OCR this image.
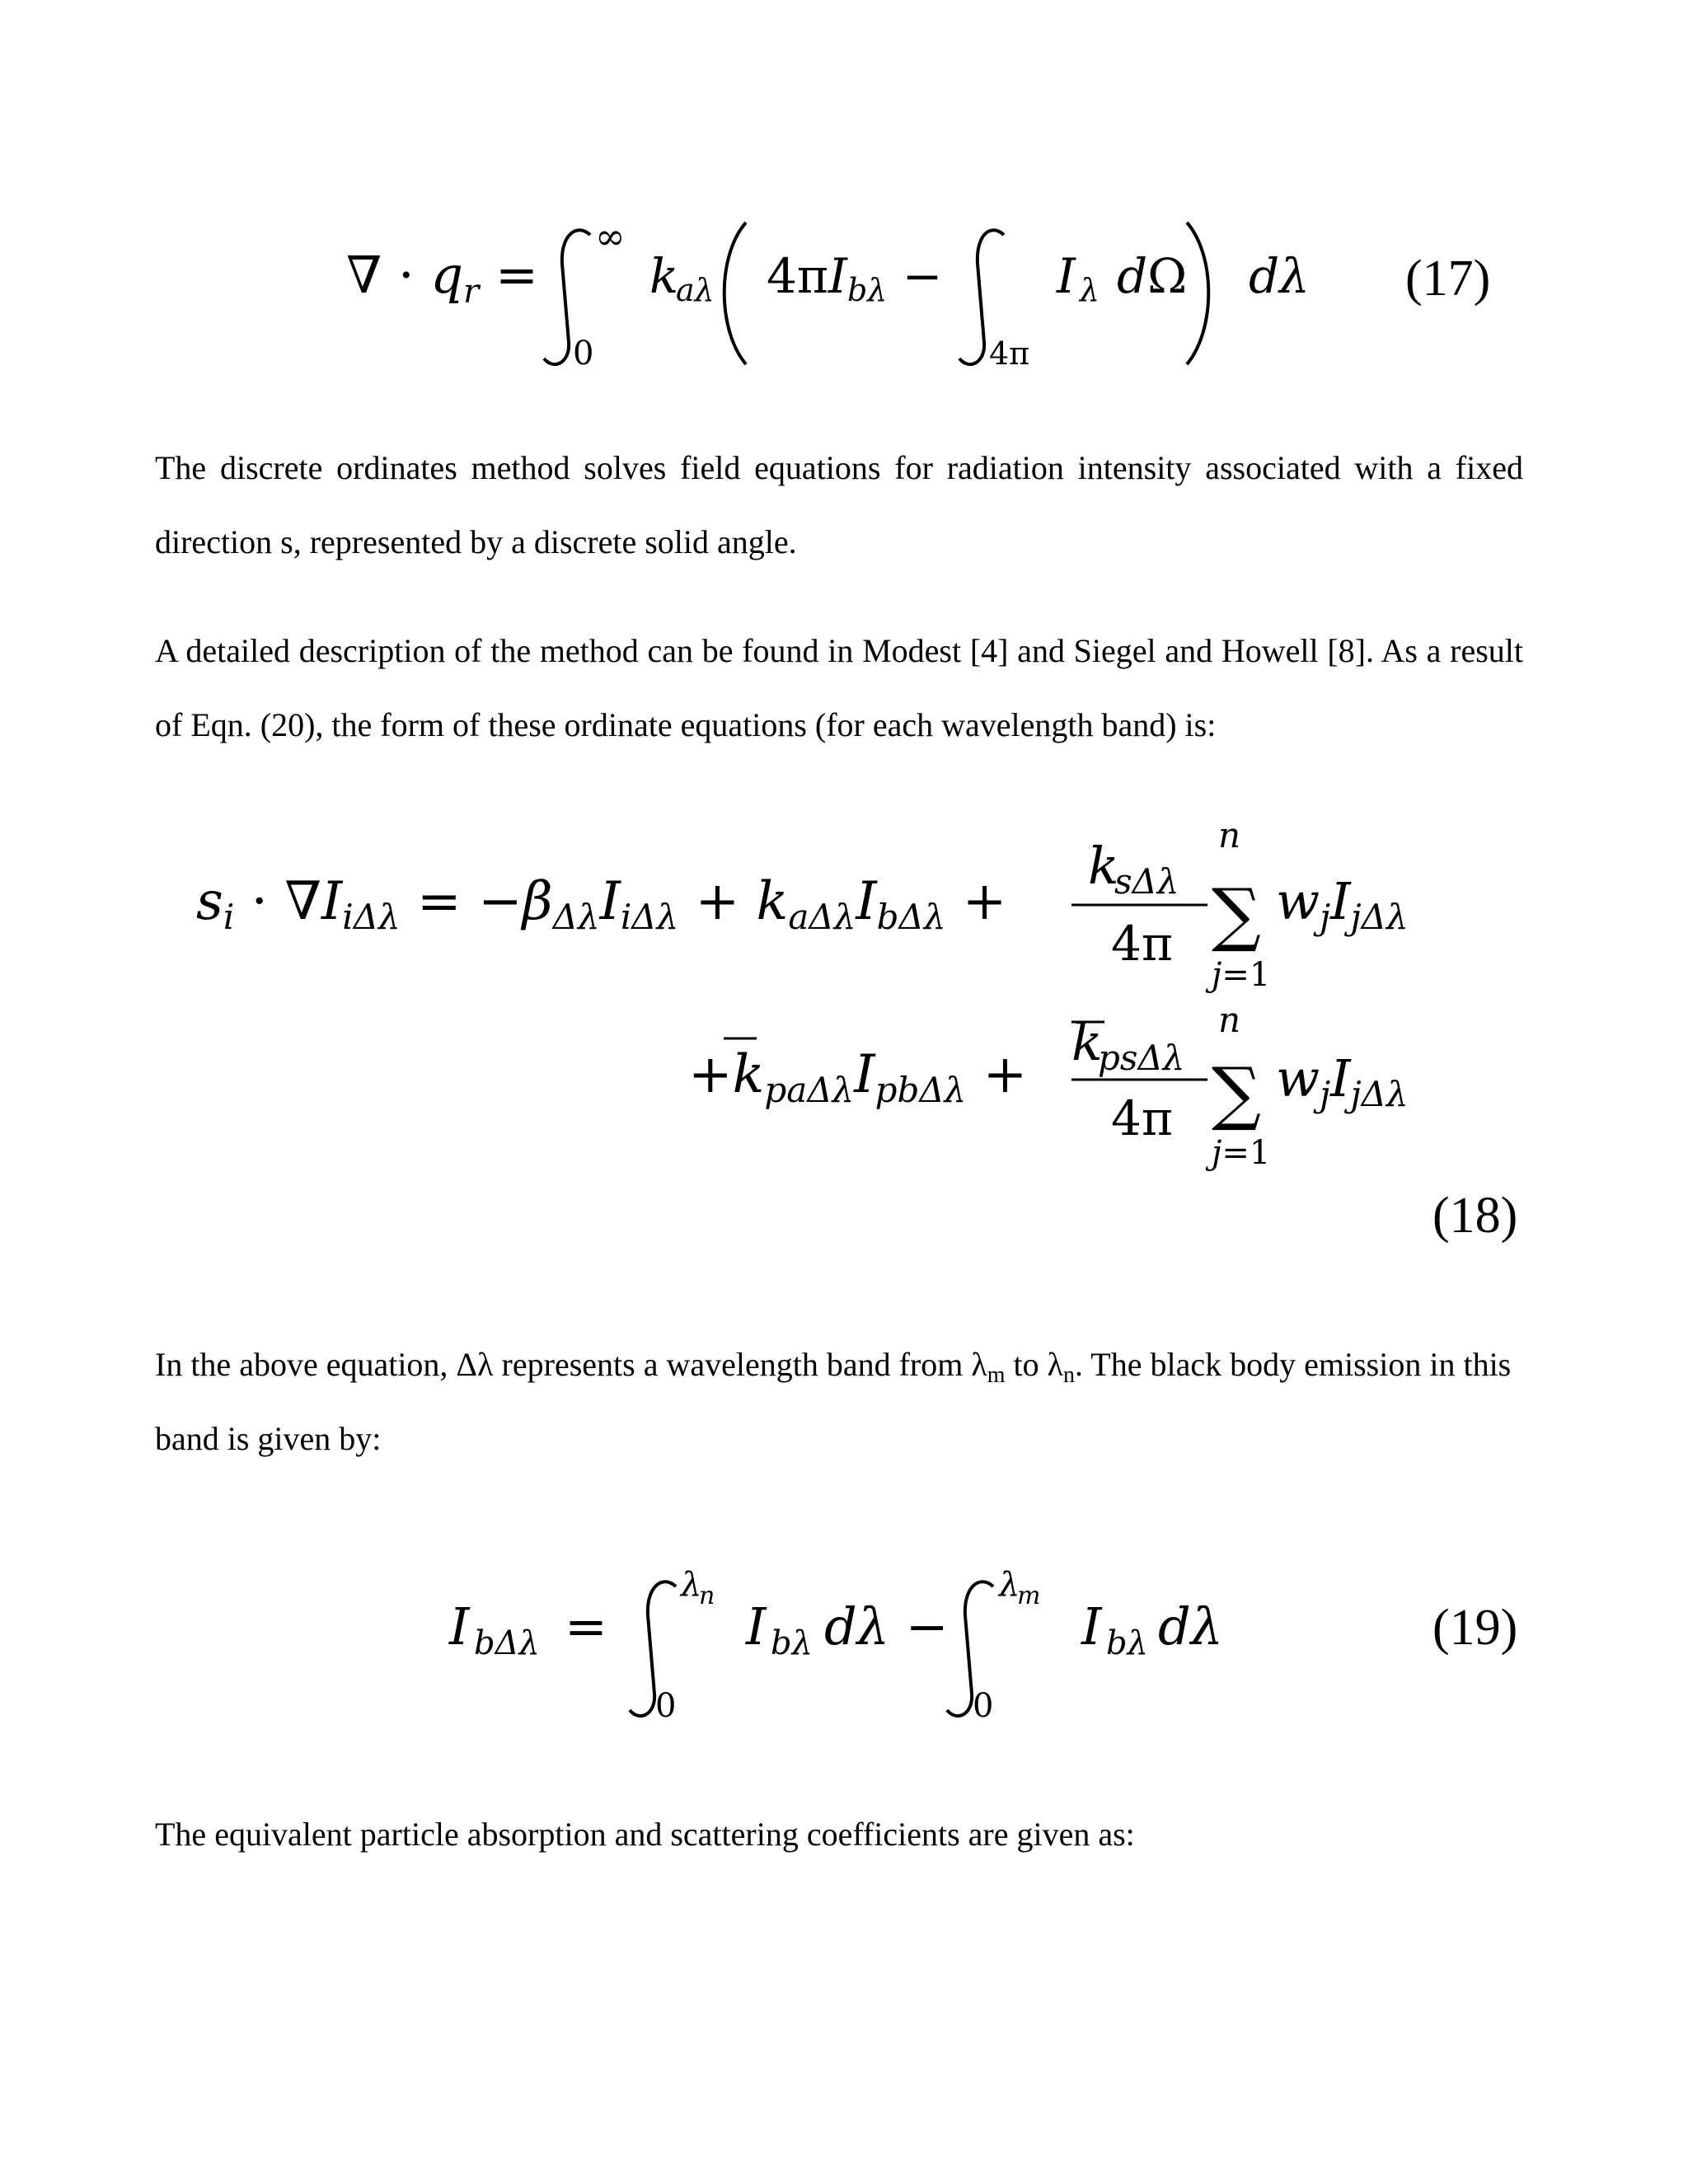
∇ · qr =
∞
0
k
aλ 4πIbλ −
4π
I λ dΩ dλ (17)
The discrete ordinates method solves field equations for radiation intensity associated with a fixed
direction s, represented by a discrete solid angle.
A detailed description of the method can be found in Modest [4] and Siegel and Howell [8]. As a result
of Eqn. (20), the form of these ordinate equations (for each wavelength band) is:
si · ∇IiΔλ = −βΔλIiΔλ + kaΔλIbΔλ +
k
sΔλ
4π
n
∑
j=1
wjIjΔλ
+kpaΔλIpbΔλ +
k
psΔλ
4π
n
∑
j=1
wjIjΔλ
(18)
In the above equation, Δλ represents a wavelength band from λm to λn. The black body emission in this
band is given by:
I bΔλ =
λ
n
0
I bλ dλ −
λ
m
0
I bλ dλ	(19)
The equivalent particle absorption and scattering coefficients are given as:
